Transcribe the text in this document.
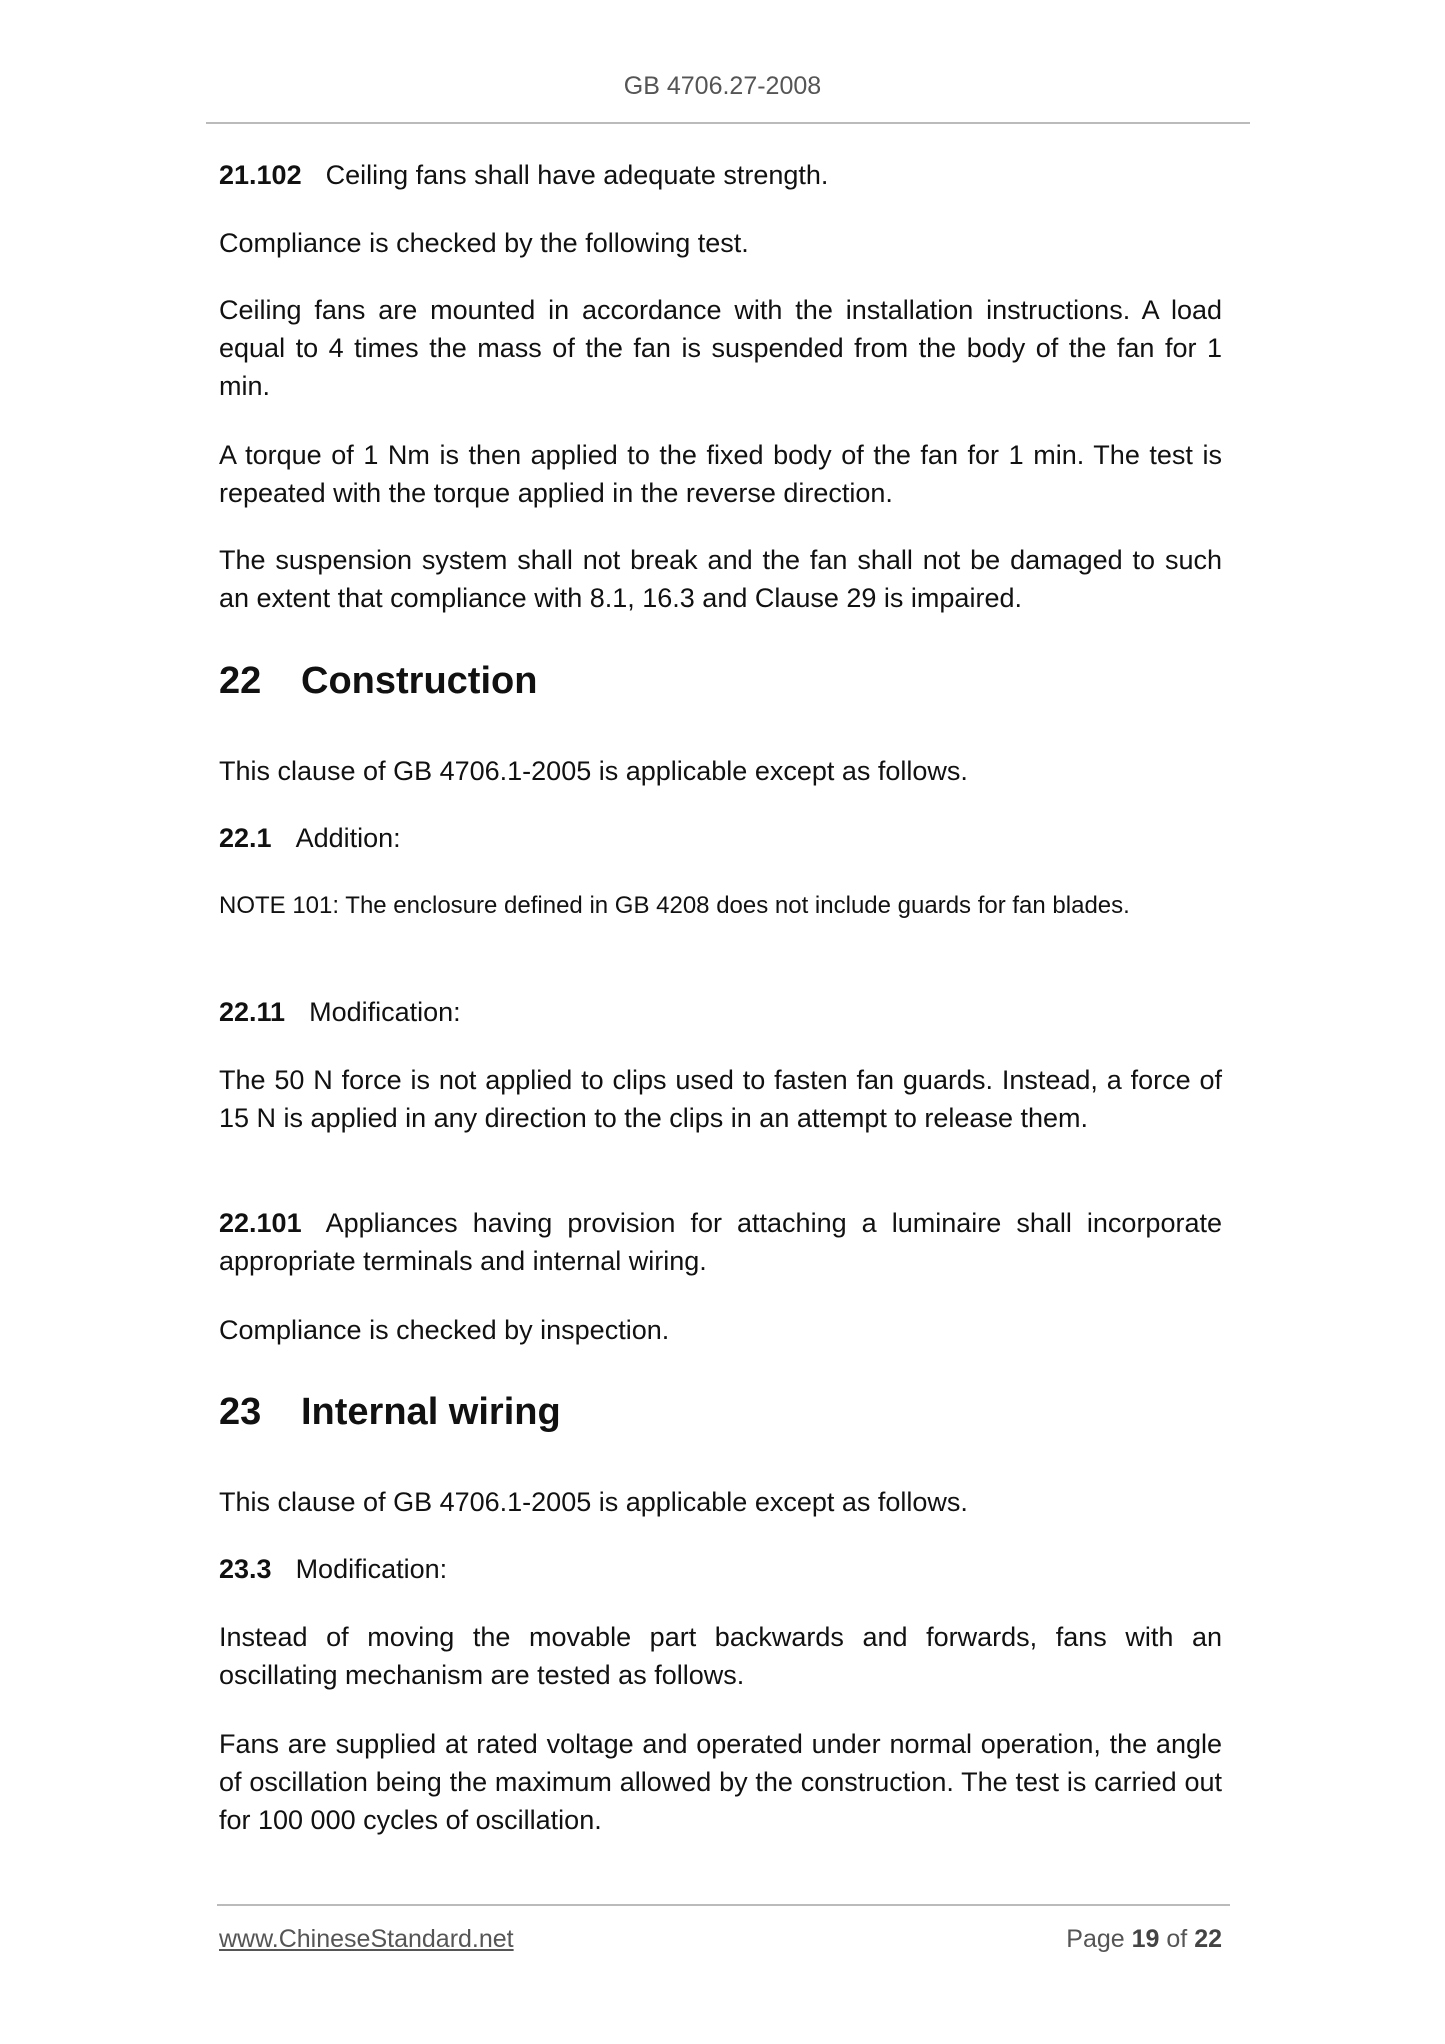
GB 4706.27-2008
21.102 Ceiling fans shall have adequate strength.
Compliance is checked by the following test.
Ceiling fans are mounted in accordance with the installation instructions. A load equal to 4 times the mass of the fan is suspended from the body of the fan for 1 min.
A torque of 1 Nm is then applied to the fixed body of the fan for 1 min. The test is repeated with the torque applied in the reverse direction.
The suspension system shall not break and the fan shall not be damaged to such an extent that compliance with 8.1, 16.3 and Clause 29 is impaired.
22 Construction
This clause of GB 4706.1-2005 is applicable except as follows.
22.1 Addition:
NOTE 101: The enclosure defined in GB 4208 does not include guards for fan blades.
22.11 Modification:
The 50 N force is not applied to clips used to fasten fan guards. Instead, a force of 15 N is applied in any direction to the clips in an attempt to release them.
22.101 Appliances having provision for attaching a luminaire shall incorporate appropriate terminals and internal wiring.
Compliance is checked by inspection.
23 Internal wiring
This clause of GB 4706.1-2005 is applicable except as follows.
23.3 Modification:
Instead of moving the movable part backwards and forwards, fans with an oscillating mechanism are tested as follows.
Fans are supplied at rated voltage and operated under normal operation, the angle of oscillation being the maximum allowed by the construction. The test is carried out for 100 000 cycles of oscillation.
www.ChineseStandard.net	Page 19 of 22
